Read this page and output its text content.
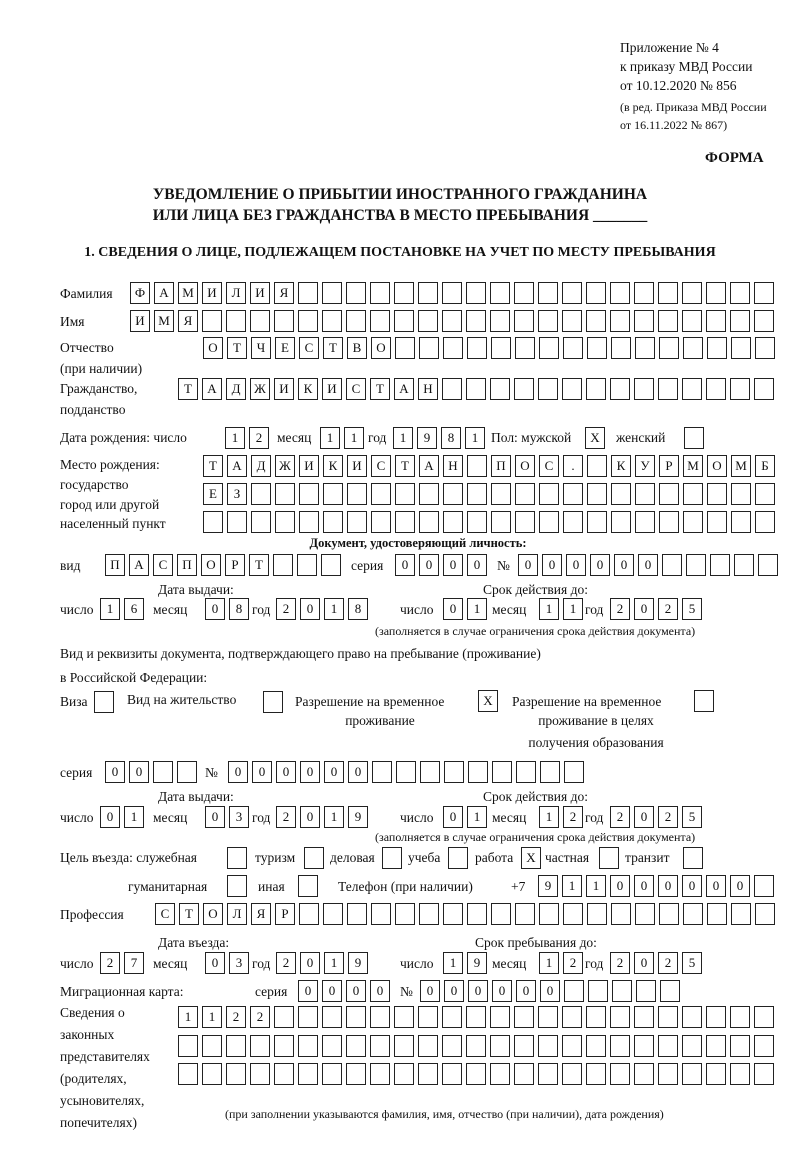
Приложение № 4
к приказу МВД России
от 10.12.2020 № 856
(в ред. Приказа МВД России
от 16.11.2022 № 867)
ФОРМА
УВЕДОМЛЕНИЕ О ПРИБЫТИИ ИНОСТРАННОГО ГРАЖДАНИНА
ИЛИ ЛИЦА БЕЗ ГРАЖДАНСТВА В МЕСТО ПРЕБЫВАНИЯ _______
1. СВЕДЕНИЯ О ЛИЦЕ, ПОДЛЕЖАЩЕМ ПОСТАНОВКЕ НА УЧЕТ ПО МЕСТУ ПРЕБЫВАНИЯ
Фамилия	Ф	А	М	И	Л	И	Я
Имя	И	М	Я
Отчество
(при наличии)
О	Т	Ч	Е	С	Т	В	О
Гражданство,
подданство
Т	А	Д	Ж	И	К	И	С	Т	А	Н
Дата рождения: число	1	2	месяц	1	1 год	1	9	8	1 Пол: мужской	X	женский
Место рождения:
государство
город или другой
населенный пункт
Т	А	Д	Ж	И	К	И	С	Т	А	Н	П	О	С	.	К	У	Р	М	О	М	Б
Е	З
Документ, удостоверяющий личность:
вид	П	А	С	П	О	Р	Т	серия	0	0	0	0	№	0	0	0	0	0	0
Дата выдачи:	Срок действия до:
число	1	6	месяц	0	8 год 2	0	1	8	число	0	1 месяц	1	1 год	2	0	2	5
(заполняется в случае ограничения срока действия документа)
Вид и реквизиты документа, подтверждающего право на пребывание (проживание)
в Российской Федерации:
Виза	Вид на жительство	Разрешение на временное
проживание
X	Разрешение на временное
проживание в целях
получения образования
серия	0	0	№	0	0	0	0	0	0
Дата выдачи:	Срок действия до:
число	0	1	месяц	0	3 год 2	0	1	9	число	0	1 месяц	1	2 год	2	0	2	5
(заполняется в случае ограничения срока действия документа)
Цель въезда: служебная	туризм	деловая учеба	работа	X частная	транзит
гуманитарная	иная	Телефон (при наличии)	+7	9	1	1	0	0	0	0	0	0
Профессия	С	Т	О	Л	Я	Р
Дата въезда:	Срок пребывания до:
число	2	7	месяц	0	3 год 2	0	1	9	число	1	9 месяц	1	2 год	2	0	2	5
Миграционная карта:	серия	0	0	0	0	№	0	0	0	0	0	0
Сведения о
законных
представителях
(родителях,
усыновителях,
попечителях)
1	1	2	2
(при заполнении указываются фамилия, имя, отчество (при наличии), дата рождения)
